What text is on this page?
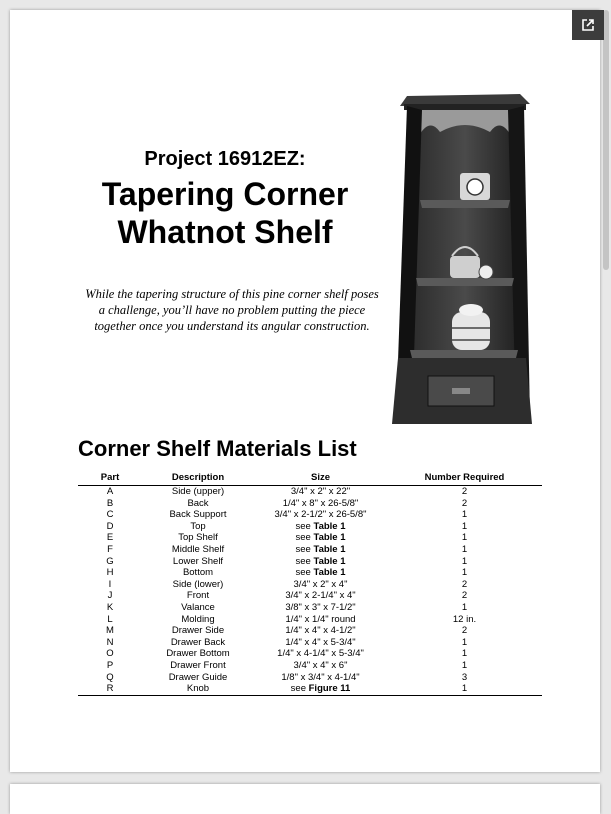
Project 16912EZ:
Tapering Corner
Whatnot Shelf
While the tapering structure of this pine corner shelf poses a challenge, you’ll have no problem putting the piece together once you understand its angular construction.
Corner Shelf Materials List
Part	Description	Size	Number Required
A	Side (upper)	3/4" x 2" x 22"	2
B	Back	1/4" x 8" x 26-5/8"	2
C	Back Support	3/4" x 2-1/2" x 26-5/8"	1
D	Top	see Table 1	1
E	Top Shelf	see Table 1	1
F	Middle Shelf	see Table 1	1
G	Lower Shelf	see Table 1	1
H	Bottom	see Table 1	1
I	Side (lower)	3/4" x 2" x 4"	2
J	Front	3/4" x 2-1/4" x 4"	2
K	Valance	3/8" x 3" x 7-1/2"	1
L	Molding	1/4" x 1/4" round	12 in.
M	Drawer Side	1/4" x 4" x 4-1/2"	2
N	Drawer Back	1/4" x 4" x 5-3/4"	1
O	Drawer Bottom	1/4" x 4-1/4" x 5-3/4"	1
P	Drawer Front	3/4" x 4" x 6"	1
Q	Drawer Guide	1/8" x 3/4" x 4-1/4"	3
R	Knob	see Figure 11	1
